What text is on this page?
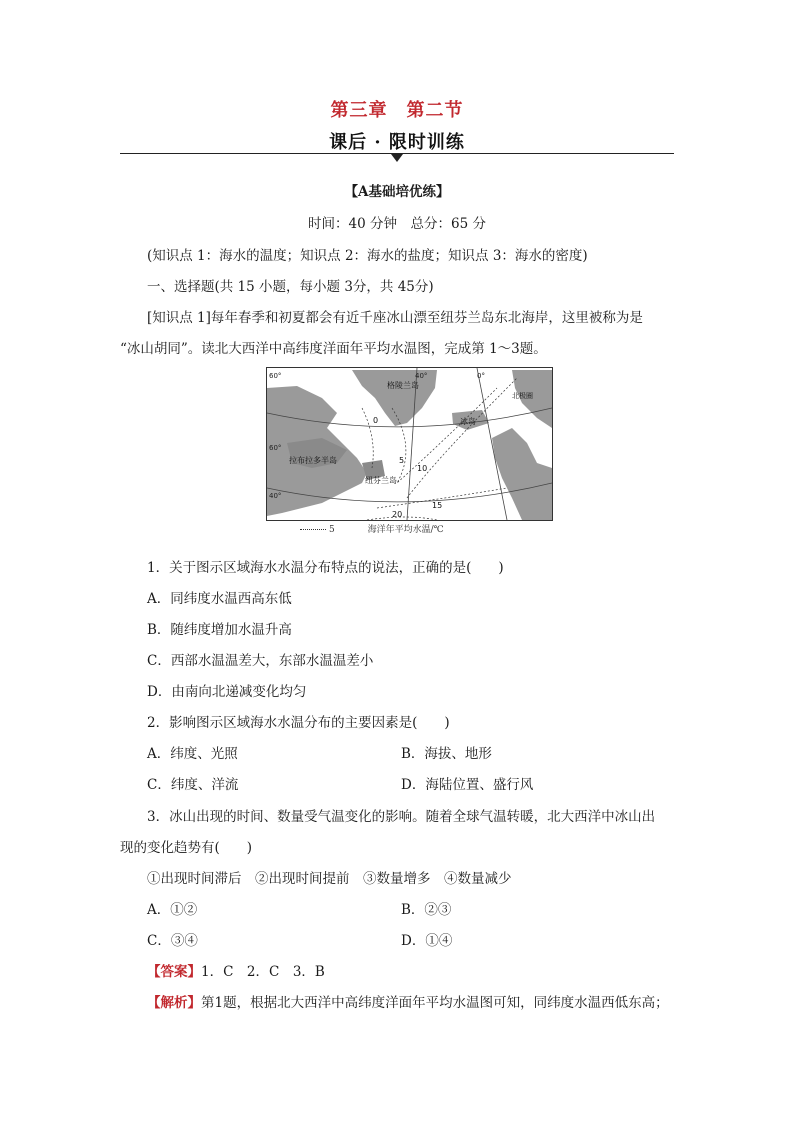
第三章　第二节
课后 · 限时训练
【A基础培优练】
时间：40 分钟　总分：65 分
(知识点 1：海水的温度；知识点 2：海水的盐度；知识点 3：海水的密度)
一、选择题(共 15 小题，每小题 3分，共 45分)
[知识点 1]每年春季和初夏都会有近千座冰山漂至纽芬兰岛东北海岸，这里被称为是
“冰山胡同”。读北大西洋中高纬度洋面年平均水温图，完成第 1～3题。
60°	40°	0°
格陵兰岛
冰岛
北极圈
拉布拉多半岛
纽芬兰岛
60°
40°
0
5
10
15
20
5	海洋年平均水温/℃
1．关于图示区域海水水温分布特点的说法，正确的是(　　)
A．同纬度水温西高东低
B．随纬度增加水温升高
C．西部水温温差大，东部水温温差小
D．由南向北递减变化均匀
2．影响图示区域海水水温分布的主要因素是(　　)
A．纬度、光照	B．海拔、地形
C．纬度、洋流	D．海陆位置、盛行风
3．冰山出现的时间、数量受气温变化的影响。随着全球气温转暖，北大西洋中冰山出
现的变化趋势有(　　)
①出现时间滞后　②出现时间提前　③数量增多　④数量减少
A．①②	B．②③
C．③④	D．①④
【答案】1．C　2．C　3．B
【解析】第1题，根据北大西洋中高纬度洋面年平均水温图可知，同纬度水温西低东高；
